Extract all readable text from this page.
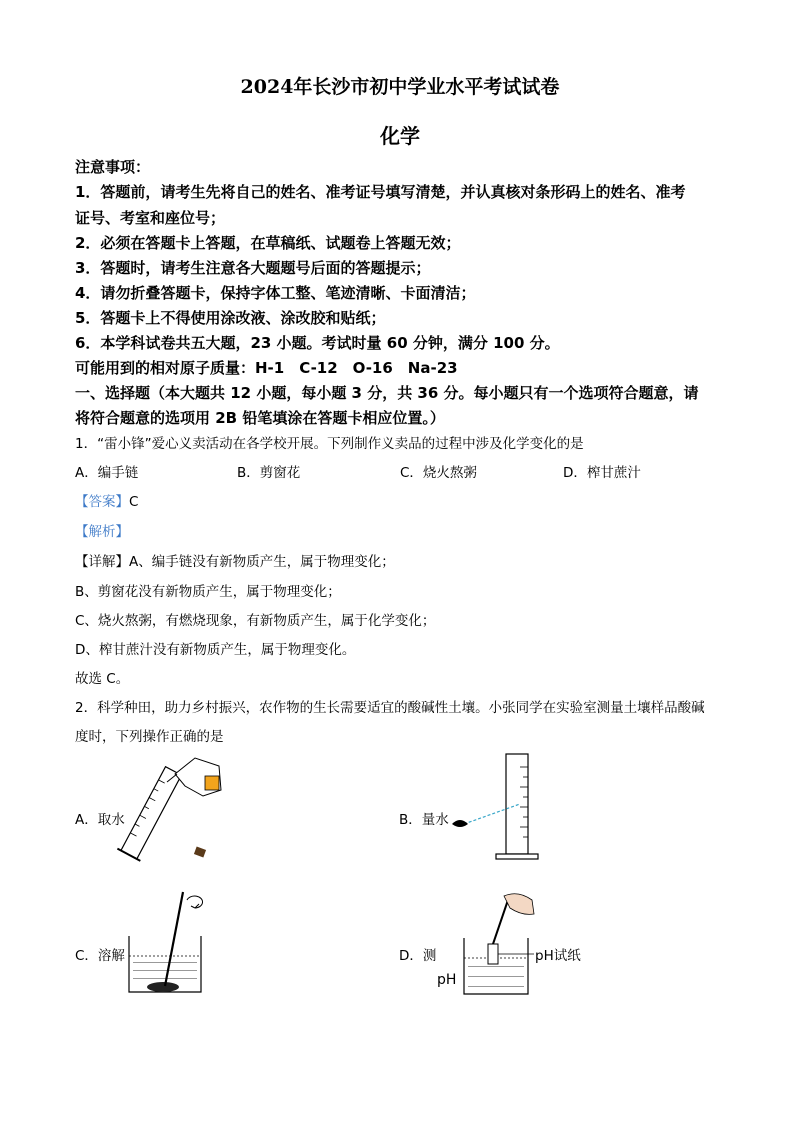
2024年长沙市初中学业水平考试试卷
化学
注意事项：
1．答题前，请考生先将自己的姓名、准考证号填写清楚，并认真核对条形码上的姓名、准考
证号、考室和座位号；
2．必须在答题卡上答题，在草稿纸、试题卷上答题无效；
3．答题时，请考生注意各大题题号后面的答题提示；
4．请勿折叠答题卡，保持字体工整、笔迹清晰、卡面清洁；
5．答题卡上不得使用涂改液、涂改胶和贴纸；
6．本学科试卷共五大题，23 小题。考试时量 60 分钟，满分 100 分。
可能用到的相对原子质量：H-1　C-12　O-16　Na-23
一、选择题（本大题共 12 小题，每小题 3 分，共 36 分。每小题只有一个选项符合题意，请
将符合题意的选项用 2B 铅笔填涂在答题卡相应位置。）
1．“雷小锋”爱心义卖活动在各学校开展。下列制作义卖品的过程中涉及化学变化的是
A．编手链	B．剪窗花	C．烧火熬粥	D．榨甘蔗汁
【答案】C
【解析】
【详解】A、编手链没有新物质产生，属于物理变化；
B、剪窗花没有新物质产生，属于物理变化；
C、烧火熬粥，有燃烧现象，有新物质产生，属于化学变化；
D、榨甘蔗汁没有新物质产生，属于物理变化。
故选 C。
2．科学种田，助力乡村振兴，农作物的生长需要适宜的酸碱性土壤。小张同学在实验室测量土壤样品酸碱
度时，下列操作正确的是
A．取水	B．量水
C．溶解	D．测
pH
pH试纸
